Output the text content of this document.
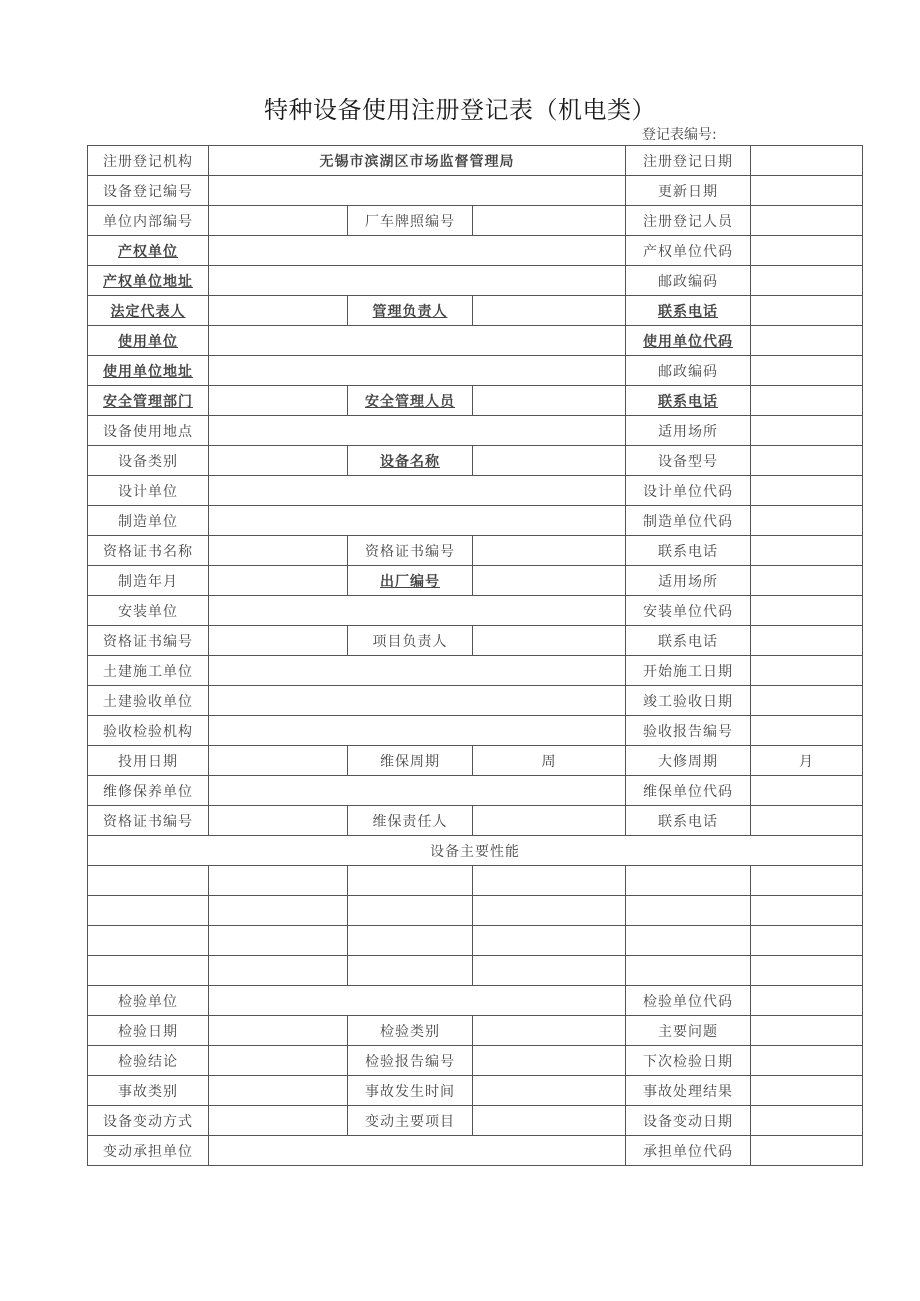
特种设备使用注册登记表（机电类）
登记表编号:
注册登记机构	无锡市滨湖区市场监督管理局			注册登记日期	
设备登记编号				更新日期	
单位内部编号		厂车牌照编号		注册登记人员	
产权单位				产权单位代码	
产权单位地址				邮政编码	
法定代表人		管理负责人		联系电话	
使用单位				使用单位代码	
使用单位地址				邮政编码	
安全管理部门		安全管理人员		联系电话	
设备使用地点				适用场所	
设备类别		设备名称		设备型号	
设计单位				设计单位代码	
制造单位				制造单位代码	
资格证书名称		资格证书编号		联系电话	
制造年月		出厂编号		适用场所	
安装单位				安装单位代码	
资格证书编号		项目负责人		联系电话	
土建施工单位				开始施工日期	
土建验收单位				竣工验收日期	
验收检验机构				验收报告编号	
投用日期		维保周期	周	大修周期	月
维修保养单位				维保单位代码	
资格证书编号		维保责任人		联系电话	
设备主要性能					

检验单位				检验单位代码	
检验日期		检验类别		主要问题	
检验结论		检验报告编号		下次检验日期	
事故类别		事故发生时间		事故处理结果	
设备变动方式		变动主要项目		设备变动日期	
变动承担单位				承担单位代码	
